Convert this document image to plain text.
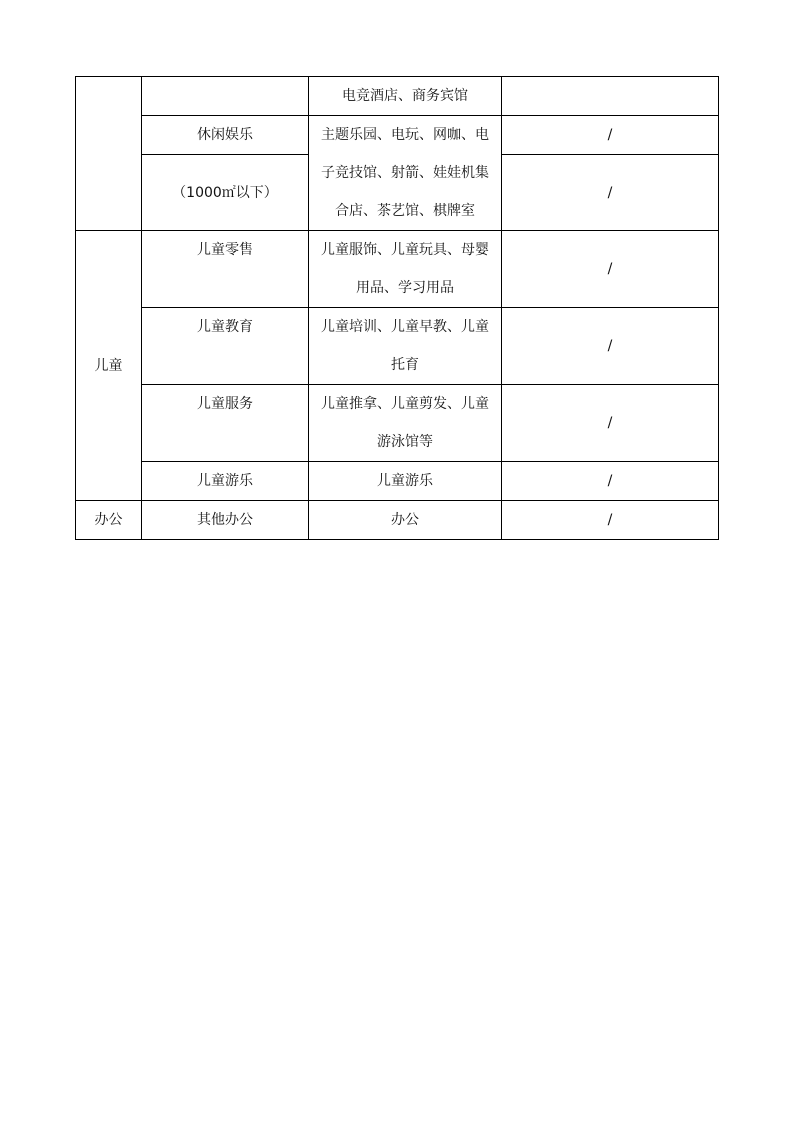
		电竞酒店、商务宾馆	

	休闲娱乐	主题乐园、电玩、网咖、电子竞技馆、射箭、娃娃机集合店、茶艺馆、棋牌室	/
	（1000㎡以下）		/
儿童	儿童零售	儿童服饰、儿童玩具、母婴用品、学习用品	/
	儿童教育	儿童培训、儿童早教、儿童托育	/
	儿童服务	儿童推拿、儿童剪发、儿童游泳馆等	/
	儿童游乐	儿童游乐	/
办公	其他办公	办公	/
